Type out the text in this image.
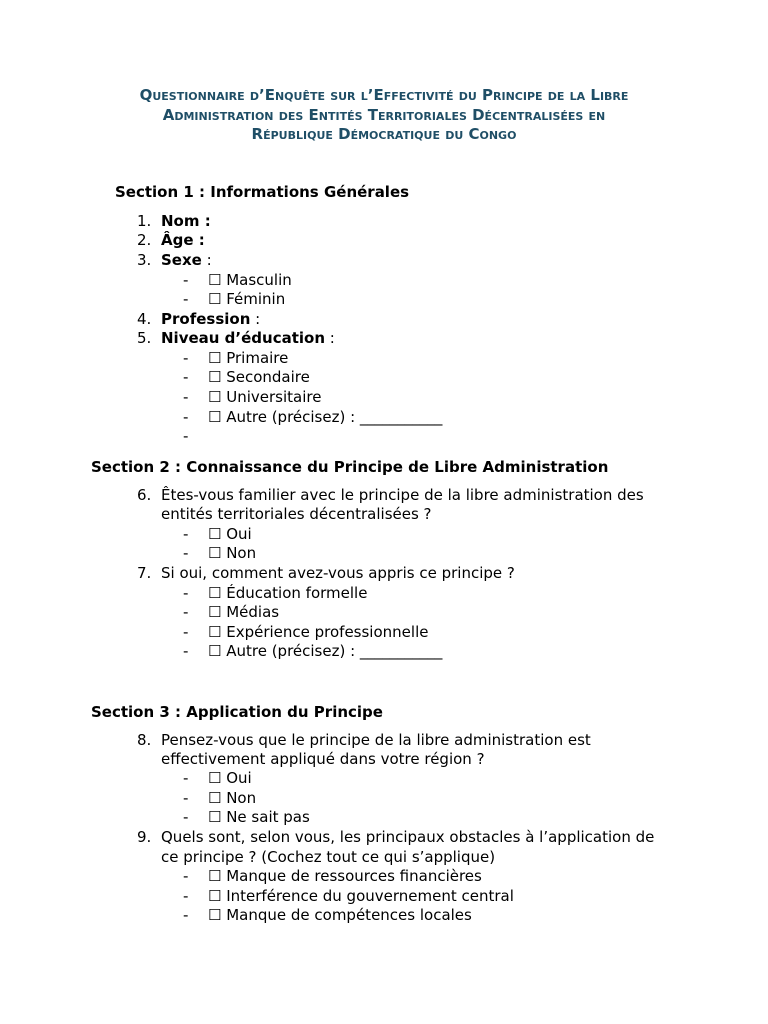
Questionnaire d’Enquête sur l’Effectivité du Principe de la Libre
Administration des Entités Territoriales Décentralisées en
République Démocratique du Congo
Section 1 : Informations Générales
1. Nom :
2. Âge :
3. Sexe :
- ☐ Masculin
- ☐ Féminin
4. Profession :
5. Niveau d’éducation :
- ☐ Primaire
- ☐ Secondaire
- ☐ Universitaire
- ☐ Autre (précisez) : ___________
-
Section 2 : Connaissance du Principe de Libre Administration
6. Êtes-vous familier avec le principe de la libre administration des
entités territoriales décentralisées ?
- ☐ Oui
- ☐ Non
7. Si oui, comment avez-vous appris ce principe ?
- ☐ Éducation formelle
- ☐ Médias
- ☐ Expérience professionnelle
- ☐ Autre (précisez) : ___________
Section 3 : Application du Principe
8. Pensez-vous que le principe de la libre administration est
effectivement appliqué dans votre région ?
- ☐ Oui
- ☐ Non
- ☐ Ne sait pas
9. Quels sont, selon vous, les principaux obstacles à l’application de
ce principe ? (Cochez tout ce qui s’applique)
- ☐ Manque de ressources financières
- ☐ Interférence du gouvernement central
- ☐ Manque de compétences locales
